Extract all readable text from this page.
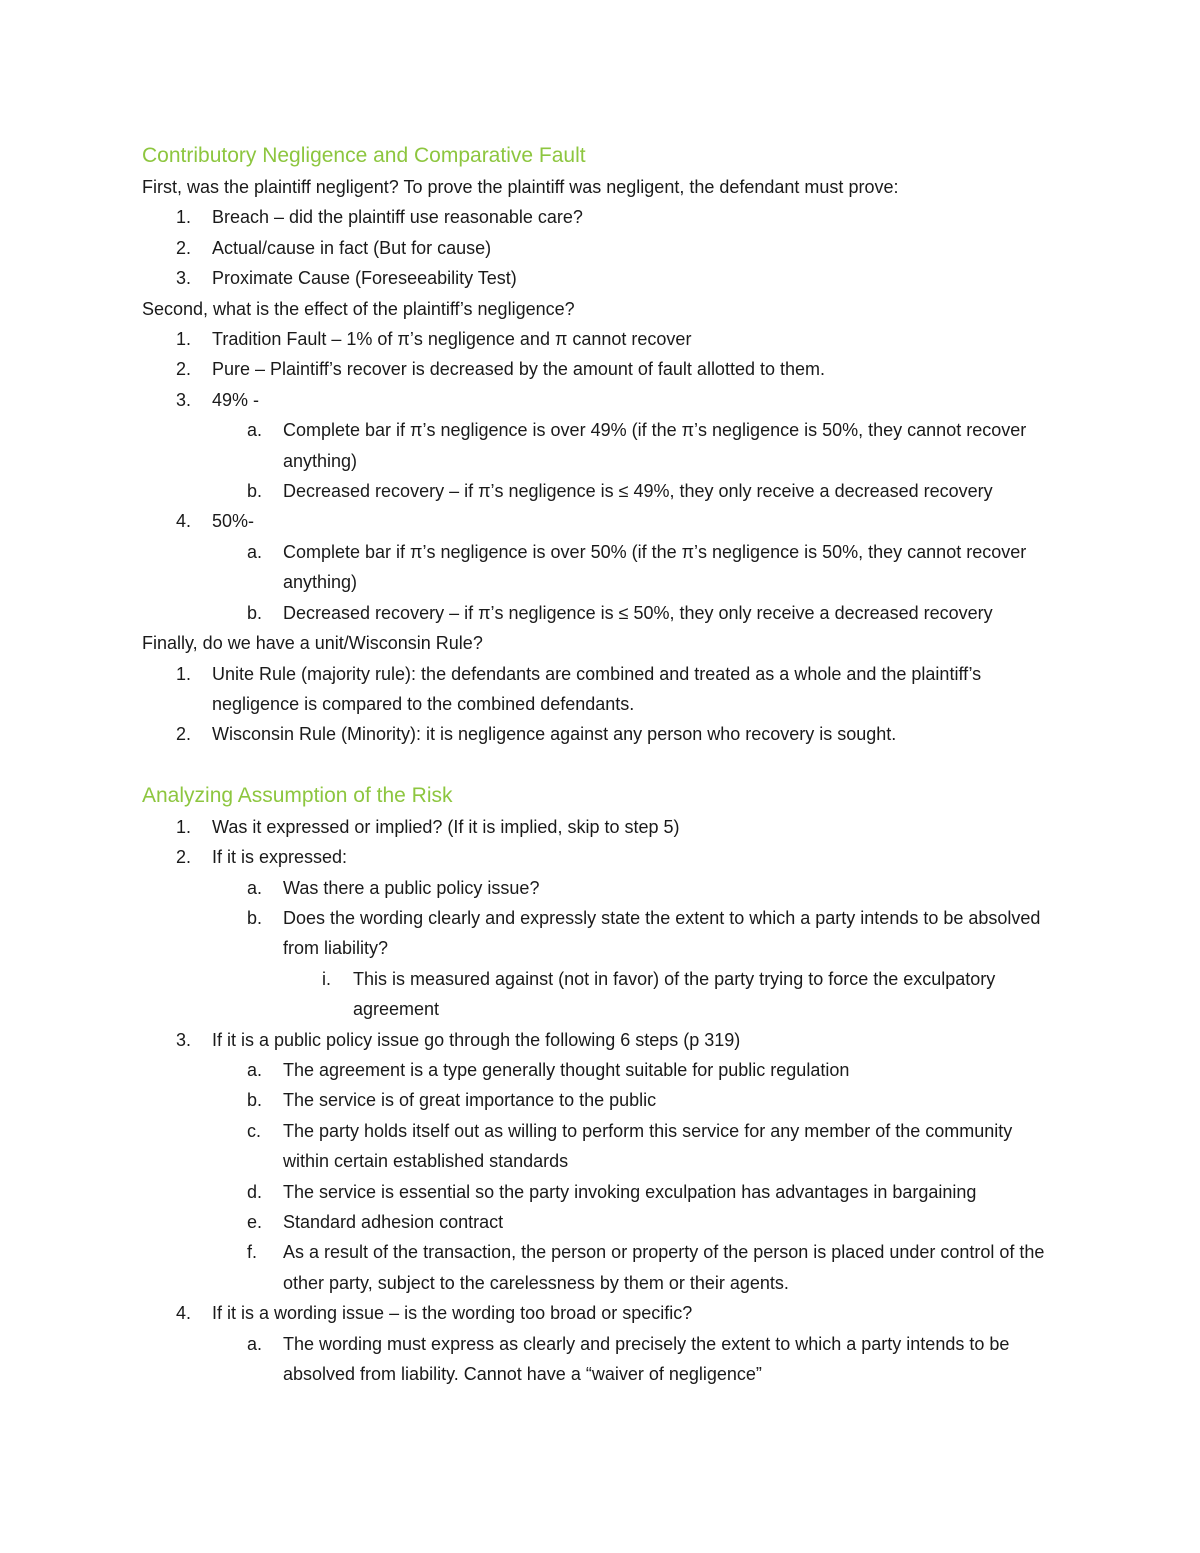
Contributory Negligence and Comparative Fault

First, was the plaintiff negligent? To prove the plaintiff was negligent, the defendant must prove:

1. Breach – did the plaintiff use reasonable care?
2. Actual/cause in fact (But for cause)
3. Proximate Cause (Foreseeability Test)

Second, what is the effect of the plaintiff’s negligence?

1. Tradition Fault – 1% of π’s negligence and π cannot recover
2. Pure – Plaintiff’s recover is decreased by the amount of fault allotted to them.
3. 49% -
a. Complete bar if π’s negligence is over 49% (if the π’s negligence is 50%, they cannot recover anything)
b. Decreased recovery – if π’s negligence is ≤ 49%, they only receive a decreased recovery
4. 50%-
a. Complete bar if π’s negligence is over 50% (if the π’s negligence is 50%, they cannot recover anything)
b. Decreased recovery – if π’s negligence is ≤ 50%, they only receive a decreased recovery

Finally, do we have a unit/Wisconsin Rule?

1. Unite Rule (majority rule): the defendants are combined and treated as a whole and the plaintiff’s negligence is compared to the combined defendants.
2. Wisconsin Rule (Minority): it is negligence against any person who recovery is sought.
Analyzing Assumption of the Risk
1. Was it expressed or implied? (If it is implied, skip to step 5)
2. If it is expressed:
a. Was there a public policy issue?
b. Does the wording clearly and expressly state the extent to which a party intends to be absolved from liability?
i. This is measured against (not in favor) of the party trying to force the exculpatory agreement
3. If it is a public policy issue go through the following 6 steps (p 319)
a. The agreement is a type generally thought suitable for public regulation
b. The service is of great importance to the public
c. The party holds itself out as willing to perform this service for any member of the community within certain established standards
d. The service is essential so the party invoking exculpation has advantages in bargaining
e. Standard adhesion contract
f. As a result of the transaction, the person or property of the person is placed under control of the other party, subject to the carelessness by them or their agents.
4. If it is a wording issue – is the wording too broad or specific?
a. The wording must express as clearly and precisely the extent to which a party intends to be absolved from liability. Cannot have a “waiver of negligence”
